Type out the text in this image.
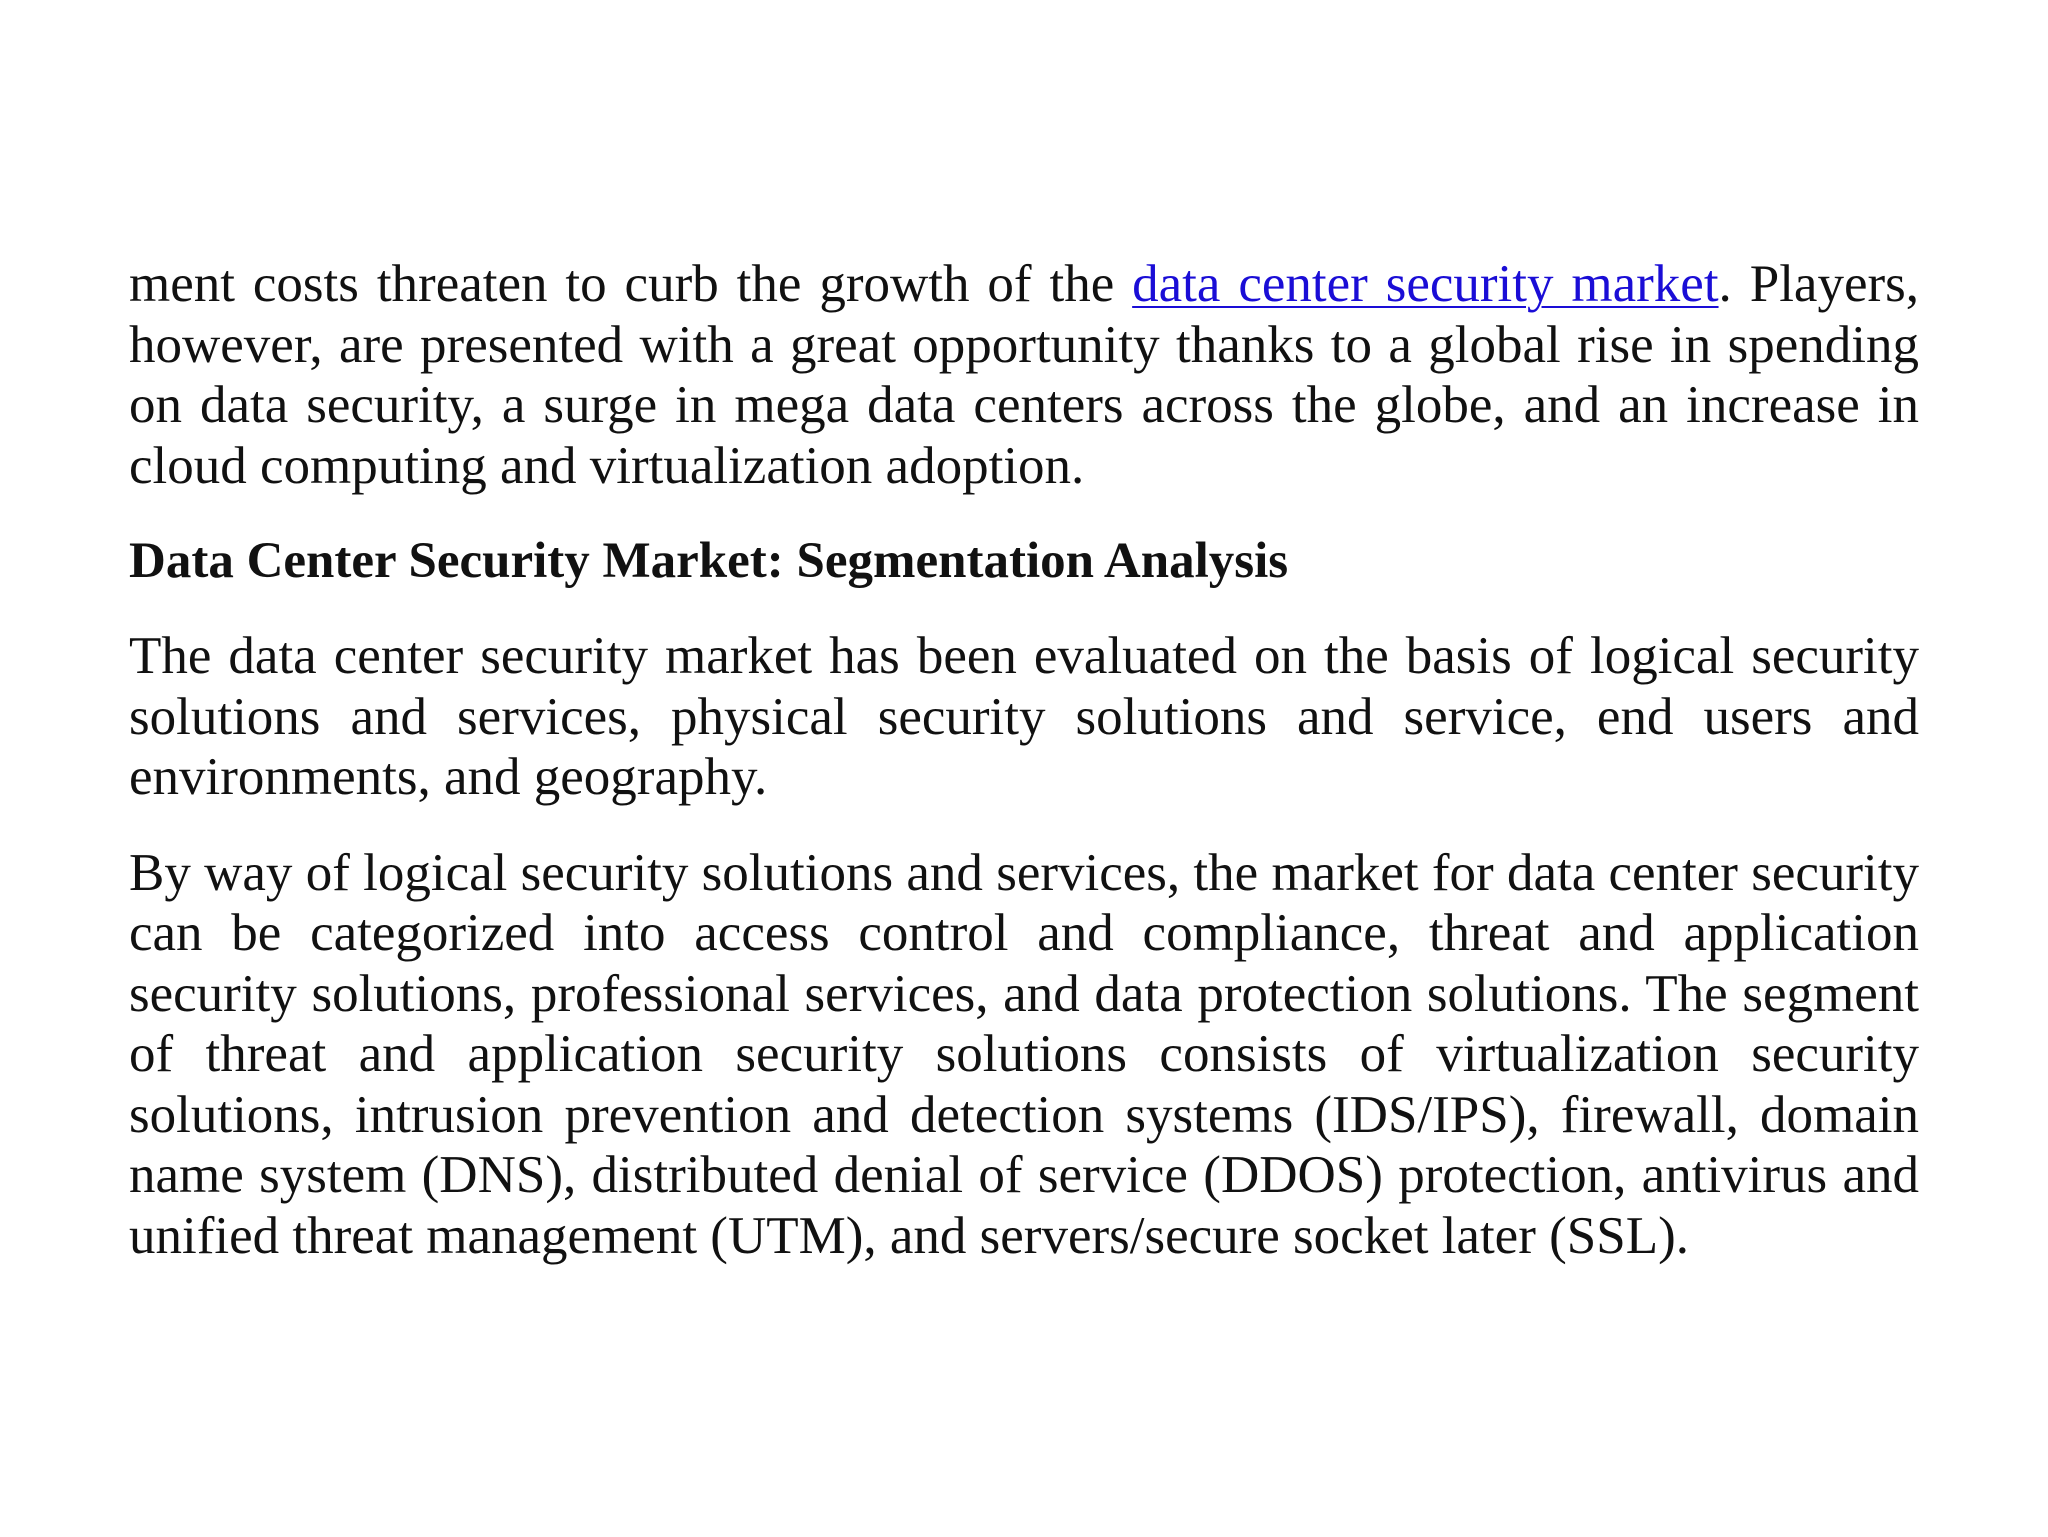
ment costs threaten to curb the growth of the data center security market. Players, however, are presented with a great opportunity thanks to a global rise in spending on data security, a surge in mega data centers across the globe, and an increase in cloud computing and virtualization adoption.

Data Center Security Market: Segmentation Analysis

The data center security market has been evaluated on the basis of logical security solutions and services, physical security solutions and service, end users and environments, and geography.

By way of logical security solutions and services, the market for data center security can be categorized into access control and compliance, threat and application security solutions, professional services, and data protection solutions. The segment of threat and application security solutions consists of virtualization security solutions, intrusion prevention and detection systems (IDS/IPS), firewall, domain name system (DNS), distributed denial of service (DDOS) protection, antivirus and unified threat management (UTM), and servers/secure socket later (SSL).
